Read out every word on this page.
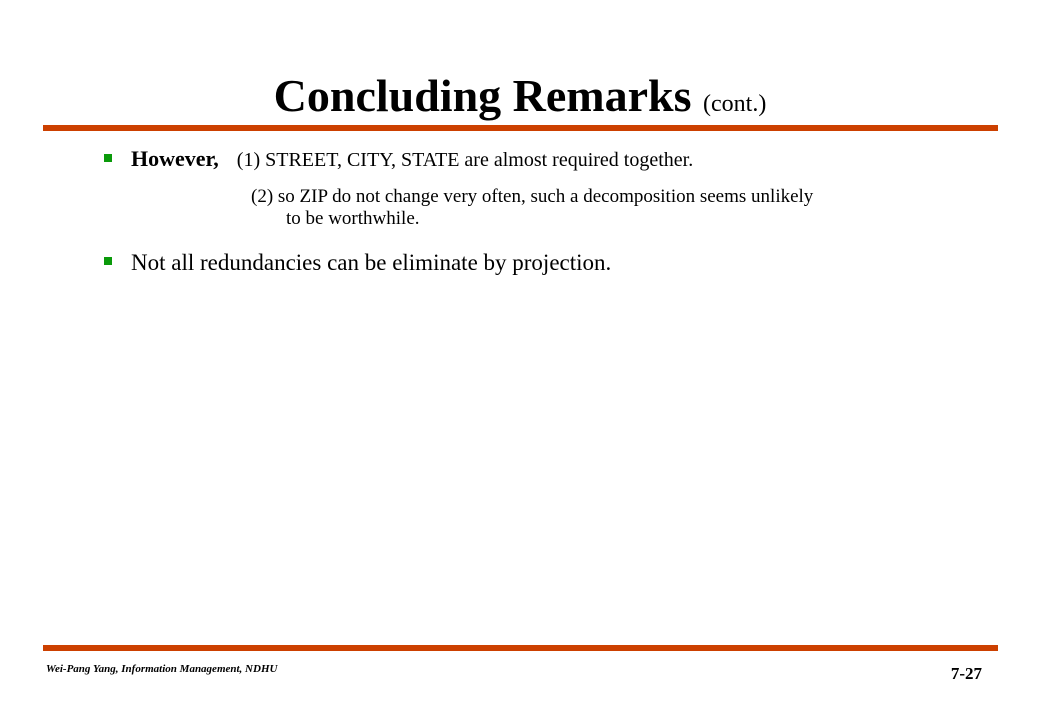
Concluding Remarks (cont.)
However, (1) STREET, CITY, STATE are almost required together.
(2) so ZIP do not change very often, such a decomposition seems unlikely
to be worthwhile.
Not all redundancies can be eliminate by projection.
Wei-Pang Yang, Information Management, NDHU	7-27
